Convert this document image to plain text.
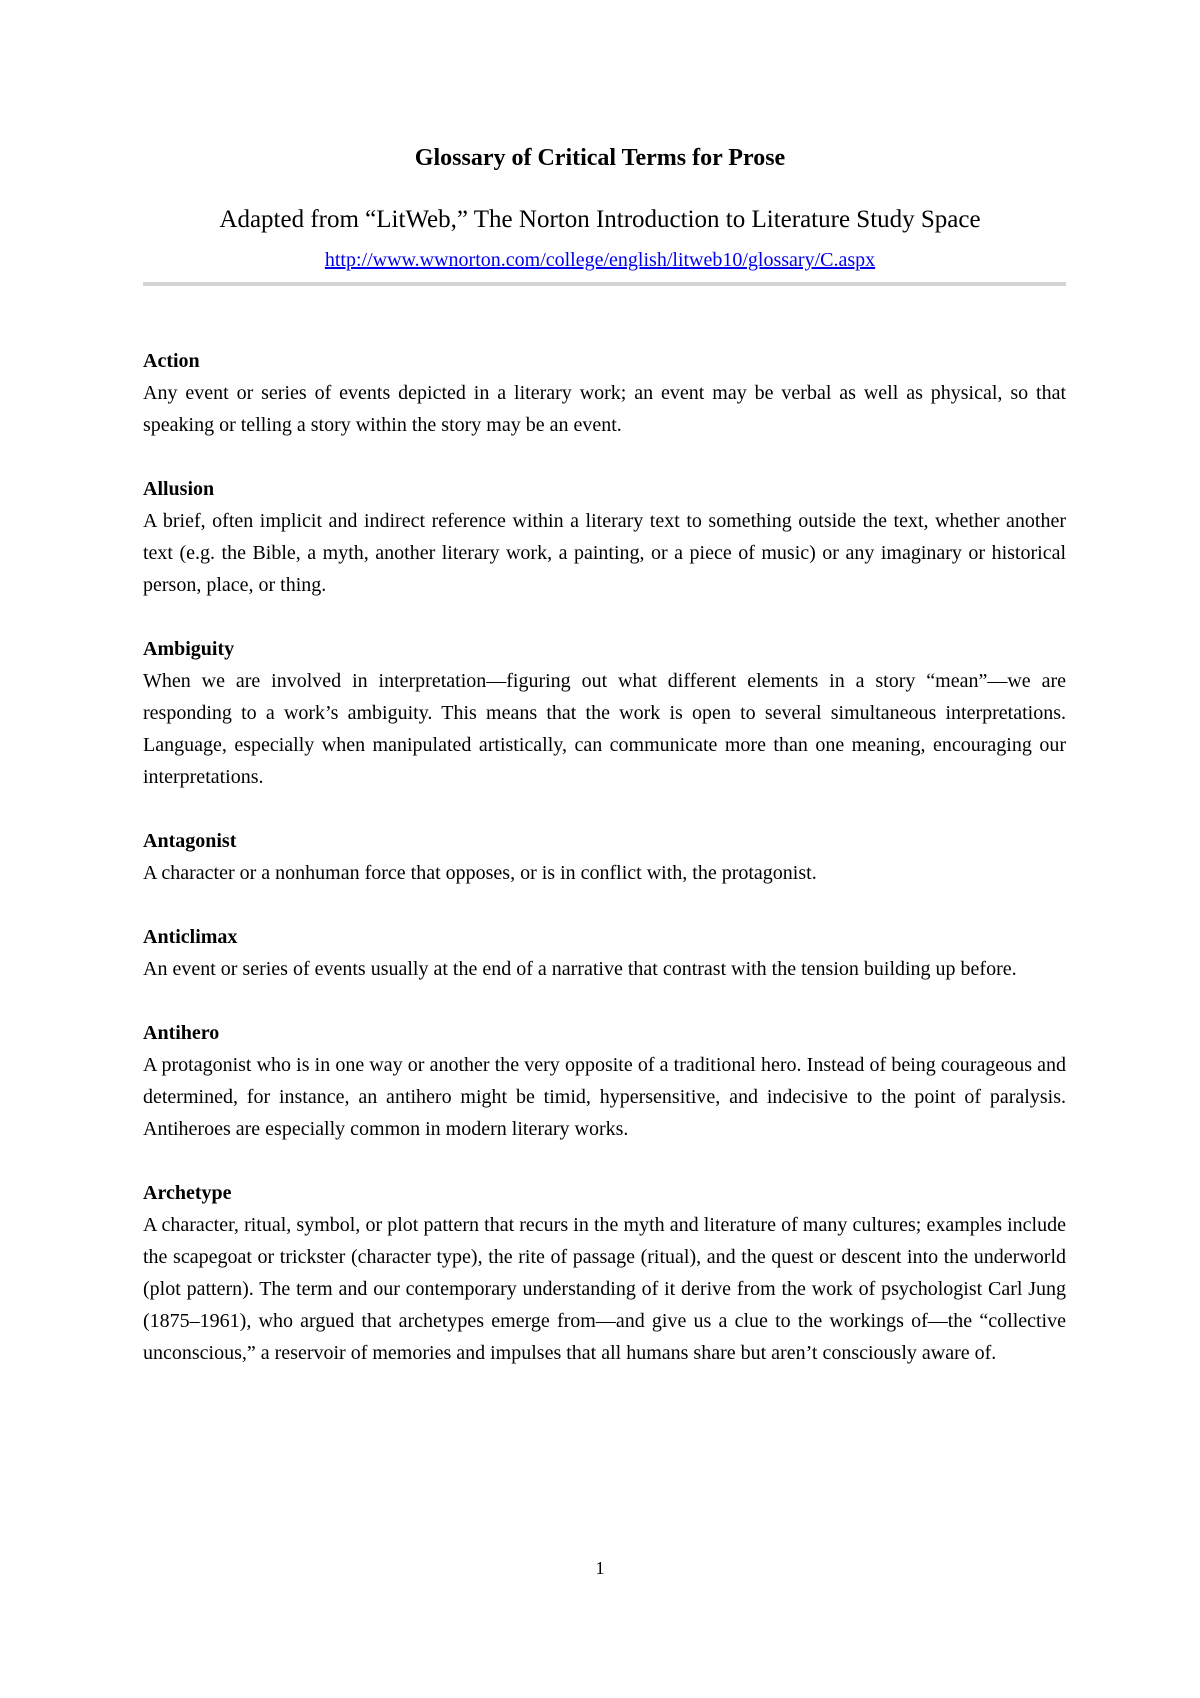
Glossary of Critical Terms for Prose

Adapted from “LitWeb,” The Norton Introduction to Literature Study Space

http://www.wwnorton.com/college/english/litweb10/glossary/C.aspx

Action

Any event or series of events depicted in a literary work; an event may be verbal as well as physical, so that speaking or telling a story within the story may be an event.

Allusion

A brief, often implicit and indirect reference within a literary text to something outside the text, whether another text (e.g. the Bible, a myth, another literary work, a painting, or a piece of music) or any imaginary or historical person, place, or thing.

Ambiguity

When we are involved in interpretation—figuring out what different elements in a story “mean”—we are responding to a work’s ambiguity. This means that the work is open to several simultaneous interpretations. Language, especially when manipulated artistically, can communicate more than one meaning, encouraging our interpretations.

Antagonist

A character or a nonhuman force that opposes, or is in conflict with, the protagonist.

Anticlimax

An event or series of events usually at the end of a narrative that contrast with the tension building up before.

Antihero

A protagonist who is in one way or another the very opposite of a traditional hero. Instead of being courageous and determined, for instance, an antihero might be timid, hypersensitive, and indecisive to the point of paralysis. Antiheroes are especially common in modern literary works.

Archetype

A character, ritual, symbol, or plot pattern that recurs in the myth and literature of many cultures; examples include the scapegoat or trickster (character type), the rite of passage (ritual), and the quest or descent into the underworld (plot pattern). The term and our contemporary understanding of it derive from the work of psychologist Carl Jung (1875–1961), who argued that archetypes emerge from—and give us a clue to the workings of—the “collective unconscious,” a reservoir of memories and impulses that all humans share but aren’t consciously aware of.

1
